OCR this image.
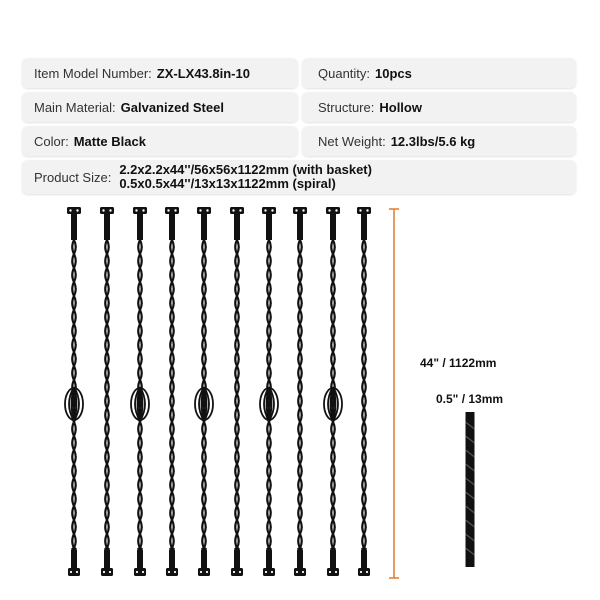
Item Model Number: ZX-LX43.8in-10	Quantity: 10pcs
Main Material: Galvanized Steel	Structure: Hollow
Color: Matte Black	Net Weight: 12.3lbs/5.6 kg
Product Size: 2.2x2.2x44''/56x56x1122mm (with basket)
0.5x0.5x44''/13x13x1122mm (spiral)
44" / 1122mm
0.5" / 13mm
